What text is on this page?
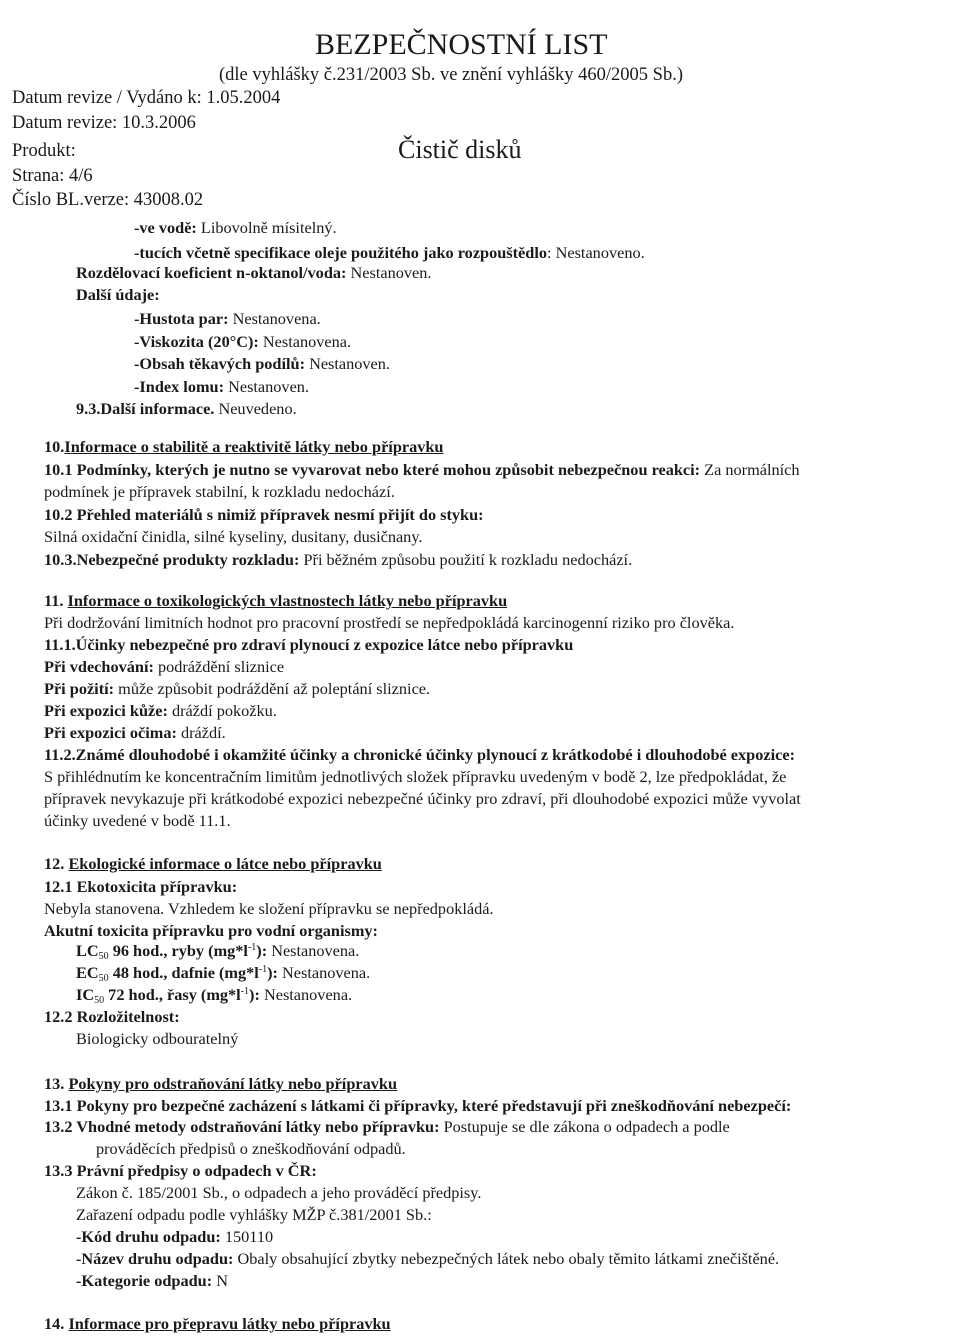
BEZPEČNOSTNÍ LIST
(dle vyhlášky č.231/2003 Sb. ve znění vyhlášky 460/2005 Sb.)
Datum revize / Vydáno k: 1.05.2004
Datum revize: 10.3.2006
Produkt:	Čistič disků
Strana: 4/6
Číslo BL.verze: 43008.02
-ve vodě: Libovolně mísitelný.
-tucích včetně specifikace oleje použitého jako rozpouštědlo: Nestanoveno.
Rozdělovací koeficient n-oktanol/voda: Nestanoven.
Další údaje:
-Hustota par: Nestanovena.
-Viskozita (20°C): Nestanovena.
-Obsah těkavých podílů: Nestanoven.
-Index lomu: Nestanoven.
9.3.Další informace. Neuvedeno.
10.Informace o stabilitě a reaktivitě látky nebo přípravku
10.1 Podmínky, kterých je nutno se vyvarovat nebo které mohou způsobit nebezpečnou reakci: Za normálních
podmínek je přípravek stabilní, k rozkladu nedochází.
10.2 Přehled materiálů s nimiž přípravek nesmí přijít do styku:
Silná oxidační činidla, silné kyseliny, dusitany, dusičnany.
10.3.Nebezpečné produkty rozkladu: Při běžném způsobu použití k rozkladu nedochází.
11. Informace o toxikologických vlastnostech látky nebo přípravku
Při dodržování limitních hodnot pro pracovní prostředí se nepředpokládá karcinogenní riziko pro člověka.
11.1.Účinky nebezpečné pro zdraví plynoucí z expozice látce nebo přípravku
Při vdechování: podráždění sliznice
Při požití: může způsobit podráždění až poleptání sliznice.
Při expozici kůže: dráždí pokožku.
Při expozici očima: dráždí.
11.2.Známé dlouhodobé i okamžité účinky a chronické účinky plynoucí z krátkodobé i dlouhodobé expozice:
S přihlédnutím ke koncentračním limitům jednotlivých složek přípravku uvedeným v bodě 2, lze předpokládat, že
přípravek nevykazuje při krátkodobé expozici nebezpečné účinky pro zdraví, při dlouhodobé expozici může vyvolat
účinky uvedené v bodě 11.1.
12. Ekologické informace o látce nebo přípravku
12.1 Ekotoxicita přípravku:
Nebyla stanovena. Vzhledem ke složení přípravku se nepředpokládá.
Akutní toxicita přípravku pro vodní organismy:
$LC_{50}$ 96 hod., ryby $(mg*l^{-1})$: Nestanovena.
$EC_{50}$ 48 hod., dafnie $(mg*l^{-1})$: Nestanovena.
$IC_{50}$ 72 hod., řasy $(mg*l^{-1})$: Nestanovena.
12.2 Rozložitelnost:
Biologicky odbouratelný
13. Pokyny pro odstraňování látky nebo přípravku
13.1 Pokyny pro bezpečné zacházení s látkami či přípravky, které představují při zneškodňování nebezpečí:
13.2 Vhodné metody odstraňování látky nebo přípravku: Postupuje se dle zákona o odpadech a podle
prováděcích předpisů o zneškodňování odpadů.
13.3 Právní předpisy o odpadech v ČR:
Zákon č. 185/2001 Sb., o odpadech a jeho prováděcí předpisy.
Zařazení odpadu podle vyhlášky MŽP č.381/2001 Sb.:
-Kód druhu odpadu: 150110
-Název druhu odpadu: Obaly obsahující zbytky nebezpečných látek nebo obaly těmito látkami znečištěné.
-Kategorie odpadu: N
14. Informace pro přepravu látky nebo přípravku
